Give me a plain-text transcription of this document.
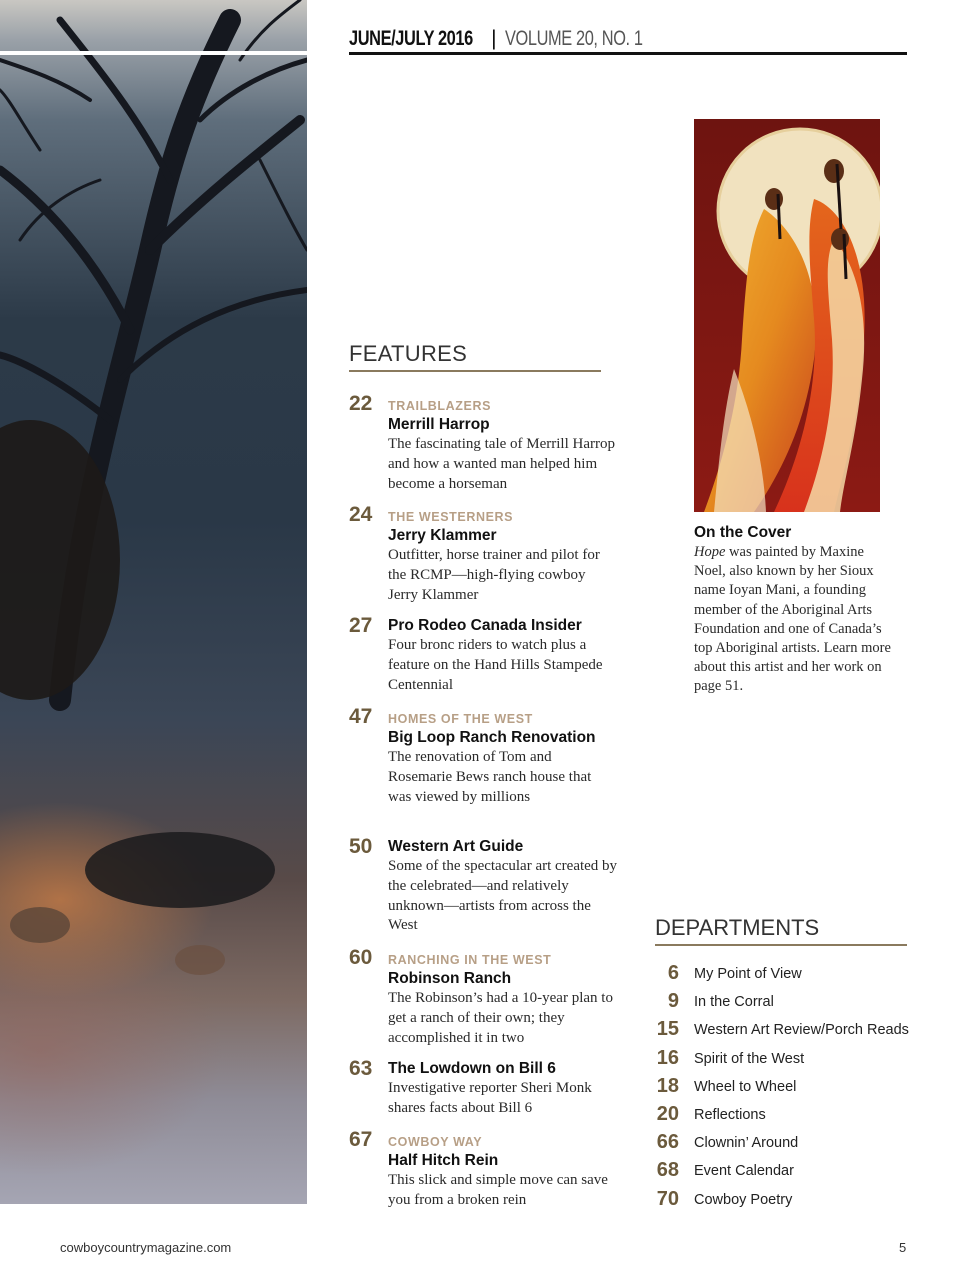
JUNE/JULY 2016 | VOLUME 20, NO. 1
FEATURES
22	TRAILBLAZERS
Merrill Harrop
The fascinating tale of Merrill Harrop and how a wanted man helped him become a horseman
24	THE WESTERNERS
Jerry Klammer
Outfitter, horse trainer and pilot for the RCMP—high-flying cowboy Jerry Klammer
27	Pro Rodeo Canada Insider
Four bronc riders to watch plus a feature on the Hand Hills Stampede Centennial
47	HOMES OF THE WEST
Big Loop Ranch Renovation
The renovation of Tom and Rosemarie Bews ranch house that was viewed by millions
50	Western Art Guide
Some of the spectacular art created by the celebrated—and relatively unknown—artists from across the West
60	RANCHING IN THE WEST
Robinson Ranch
The Robinson’s had a 10-year plan to get a ranch of their own; they accomplished it in two
63	The Lowdown on Bill 6
Investigative reporter Sheri Monk shares facts about Bill 6
67	COWBOY WAY
Half Hitch Rein
This slick and simple move can save you from a broken rein
On the Cover
Hope was painted by Maxine Noel, also known by her Sioux name Ioyan Mani, a founding member of the Aboriginal Arts Foundation and one of Canada’s top Aboriginal artists. Learn more about this artist and her work on page 51.
DEPARTMENTS
6 My Point of View
9 In the Corral
15 Western Art Review/Porch Reads
16 Spirit of the West
18 Wheel to Wheel
20 Reflections
66 Clownin’ Around
68 Event Calendar
70 Cowboy Poetry
cowboycountrymagazine.com	5
